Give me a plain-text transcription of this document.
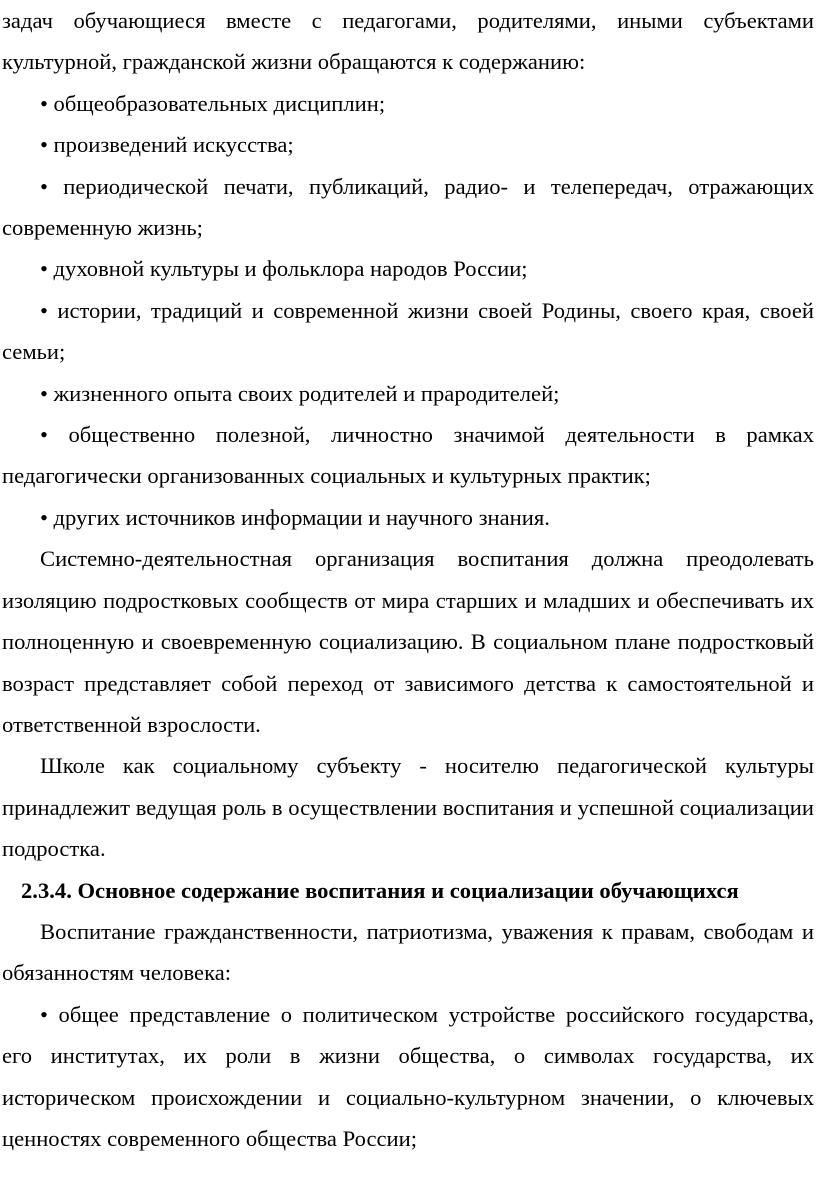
задач обучающиеся вместе с педагогами, родителями, иными субъектами культурной, гражданской жизни обращаются к содержанию:

• общеобразовательных дисциплин;

• произведений искусства;

• периодической печати, публикаций, радио- и телепередач, отражающих современную жизнь;

• духовной культуры и фольклора народов России;

• истории, традиций и современной жизни своей Родины, своего края, своей семьи;

• жизненного опыта своих родителей и прародителей;

• общественно полезной, личностно значимой деятельности в рамках педагогически организованных социальных и культурных практик;

• других источников информации и научного знания.

Системно-деятельностная организация воспитания должна преодолевать изоляцию подростковых сообществ от мира старших и младших и обеспечивать их полноценную и своевременную социализацию. В социальном плане подростковый возраст представляет собой переход от зависимого детства к самостоятельной и ответственной взрослости.

Школе как социальному субъекту - носителю педагогической культуры принадлежит ведущая роль в осуществлении воспитания и успешной социализации подростка.

2.3.4. Основное содержание воспитания и социализации обучающихся

Воспитание гражданственности, патриотизма, уважения к правам, свободам и обязанностям человека:

• общее представление о политическом устройстве российского государства, его институтах, их роли в жизни общества, о символах государства, их историческом происхождении и социально-культурном значении, о ключевых ценностях современного общества России;
